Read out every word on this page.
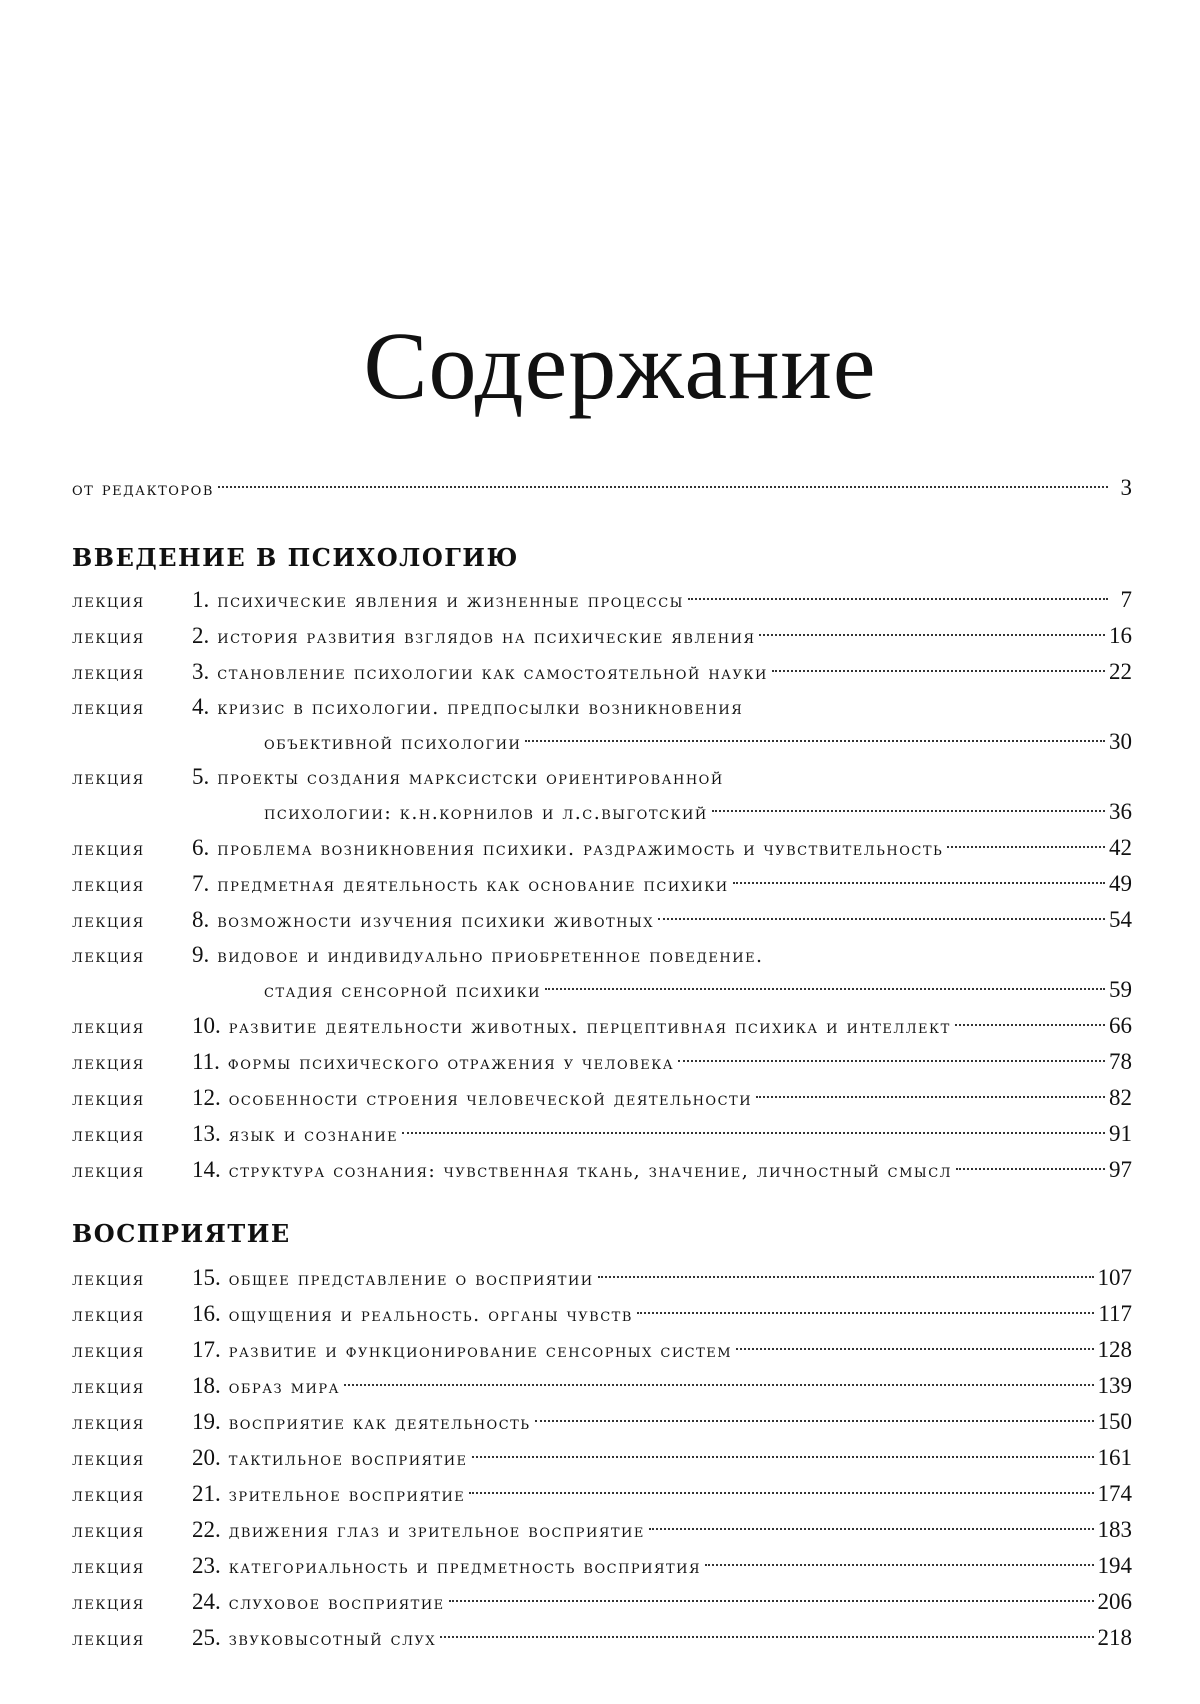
Содержание
от редакторов	3
ВВЕДЕНИЕ В ПСИХОЛОГИЮ
лекция	1. психические явления и жизненные процессы	7
лекция	2. история развития взглядов на психические явления	16
лекция	3. становление психологии как самостоятельной науки	22
лекция	4. кризис в психологии. предпосылки возникновения
объективной психологии	30
лекция	5. проекты создания марксистски ориентированной
психологии: к.н.корнилов и л.с.выготский	36
лекция	6. проблема возникновения психики. раздражимость и чувствительность	42
лекция	7. предметная деятельность как основание психики	49
лекция	8. возможности изучения психики животных	54
лекция	9. видовое и индивидуально приобретенное поведение.
стадия сенсорной психики	59
лекция	10. развитие деятельности животных. перцептивная психика и интеллект	66
лекция	11. формы психического отражения у человека	78
лекция	12. особенности строения человеческой деятельности	82
лекция	13. язык и сознание	91
лекция	14. структура сознания: чувственная ткань, значение, личностный смысл	97
ВОСПРИЯТИЕ
лекция	15. общее представление о восприятии	107
лекция	16. ощущения и реальность. органы чувств	117
лекция	17. развитие и функционирование сенсорных систем	128
лекция	18. образ мира	139
лекция	19. восприятие как деятельность	150
лекция	20. тактильное восприятие	161
лекция	21. зрительное восприятие	174
лекция	22. движения глаз и зрительное восприятие	183
лекция	23. категориальность и предметность восприятия	194
лекция	24. слуховое восприятие	206
лекция	25. звуковысотный слух	218
